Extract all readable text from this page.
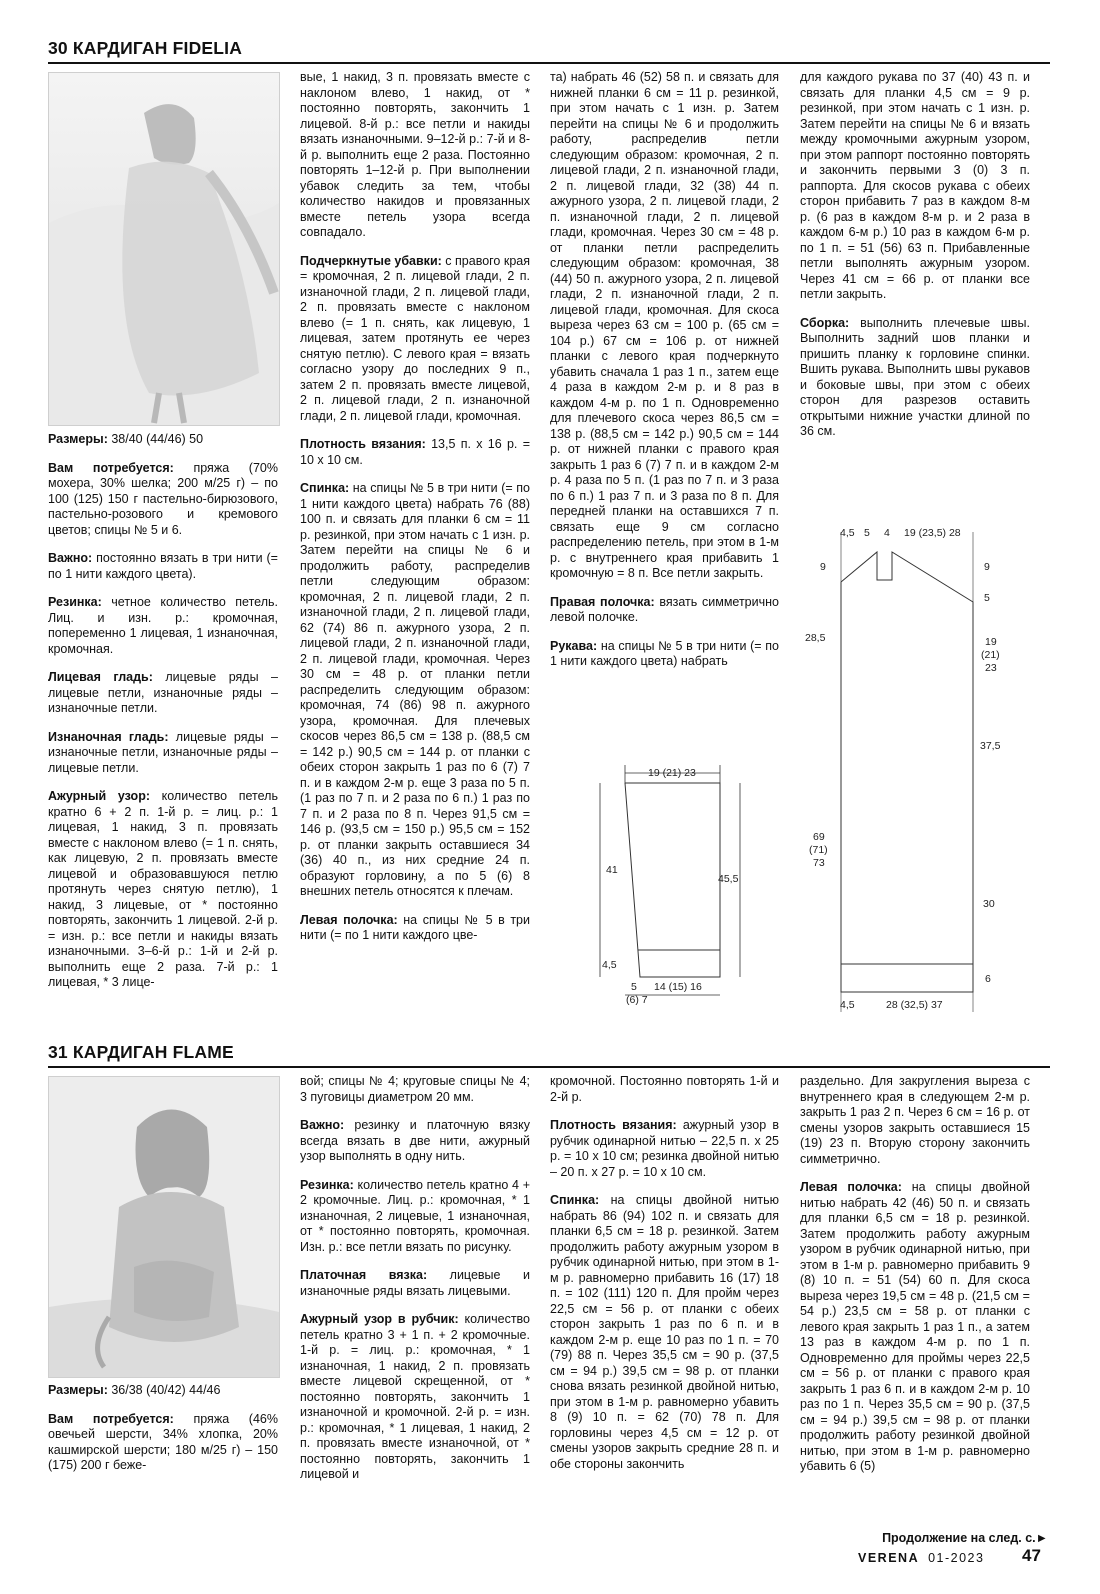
30 КАРДИГАН FIDELIA

Размеры: 38/40 (44/46) 50

Вам потребуется: пряжа (70% мохера, 30% шелка; 200 м/25 г) – по 100 (125) 150 г пастельно-бирюзового, пастельно-розового и кремового цветов; спицы № 5 и 6.

Важно: постоянно вязать в три нити (= по 1 нити каждого цвета).

Резинка: четное количество петель. Лиц. и изн. р.: кромочная, попеременно 1 лицевая, 1 изнаночная, кромочная.

Лицевая гладь: лицевые ряды – лицевые петли, изнаночные ряды – изнаночные петли.

Изнаночная гладь: лицевые ряды – изнаночные петли, изнаночные ряды – лицевые петли.

Ажурный узор: количество петель кратно 6 + 2 п. 1-й р. = лиц. р.: 1 лицевая, 1 накид, 3 п. провязать вместе с наклоном влево (= 1 п. снять, как лицевую, 2 п. провязать вместе лицевой и образовавшуюся петлю протянуть через снятую петлю), 1 накид, 3 лицевые, от * постоянно повторять, закончить 1 лицевой. 2-й р. = изн. р.: все петли и накиды вязать изнаночными. 3–6-й р.: 1-й и 2-й р. выполнить еще 2 раза. 7-й р.: 1 лицевая, * 3 лице-

вые, 1 накид, 3 п. провязать вместе с наклоном влево, 1 накид, от * постоянно повторять, закончить 1 лицевой. 8-й р.: все петли и накиды вязать изнаночными. 9–12-й р.: 7-й и 8-й р. выполнить еще 2 раза. Постоянно повторять 1–12-й р. При выполнении убавок следить за тем, чтобы количество накидов и провязанных вместе петель узора всегда совпадало.

Подчеркнутые убавки: с правого края = кромочная, 2 п. лицевой глади, 2 п. изнаночной глади, 2 п. лицевой глади, 2 п. провязать вместе с наклоном влево (= 1 п. снять, как лицевую, 1 лицевая, затем протянуть ее через снятую петлю). С левого края = вязать согласно узору до последних 9 п., затем 2 п. провязать вместе лицевой, 2 п. лицевой глади, 2 п. изнаночной глади, 2 п. лицевой глади, кромочная.

Плотность вязания: 13,5 п. х 16 р. = 10 х 10 см.

Спинка: на спицы № 5 в три нити (= по 1 нити каждого цвета) набрать 76 (88) 100 п. и связать для планки 6 см = 11 р. резинкой, при этом начать с 1 изн. р. Затем перейти на спицы № 6 и продолжить работу, распределив петли следующим образом: кромочная, 2 п. лицевой глади, 2 п. изнаночной глади, 2 п. лицевой глади, 62 (74) 86 п. ажурного узора, 2 п. лицевой глади, 2 п. изнаночной глади, 2 п. лицевой глади, кромочная. Через 30 см = 48 р. от планки петли распределить следующим образом: кромочная, 74 (86) 98 п. ажурного узора, кромочная. Для плечевых скосов через 86,5 см = 138 р. (88,5 см = 142 р.) 90,5 см = 144 р. от планки с обеих сторон закрыть 1 раз по 6 (7) 7 п. и в каждом 2-м р. еще 3 раза по 5 п. (1 раз по 7 п. и 2 раза по 6 п.) 1 раз по 7 п. и 2 раза по 8 п. Через 91,5 см = 146 р. (93,5 см = 150 р.) 95,5 см = 152 р. от планки закрыть оставшиеся 34 (36) 40 п., из них средние 24 п. образуют горловину, а по 5 (6) 8 внешних петель относятся к плечам.

Левая полочка: на спицы № 5 в три нити (= по 1 нити каждого цве-

та) набрать 46 (52) 58 п. и связать для нижней планки 6 см = 11 р. резинкой, при этом начать с 1 изн. р. Затем перейти на спицы № 6 и продолжить работу, распределив петли следующим образом: кромочная, 2 п. лицевой глади, 2 п. изнаночной глади, 2 п. лицевой глади, 32 (38) 44 п. ажурного узора, 2 п. лицевой глади, 2 п. изнаночной глади, 2 п. лицевой глади, кромочная. Через 30 см = 48 р. от планки петли распределить следующим образом: кромочная, 38 (44) 50 п. ажурного узора, 2 п. лицевой глади, 2 п. изнаночной глади, 2 п. лицевой глади, кромочная. Для скоса выреза через 63 см = 100 р. (65 см = 104 р.) 67 см = 106 р. от нижней планки с левого края подчеркнуто убавить сначала 1 раз 1 п., затем еще 4 раза в каждом 2-м р. и 8 раз в каждом 4-м р. по 1 п. Одновременно для плечевого скоса через 86,5 см = 138 р. (88,5 см = 142 р.) 90,5 см = 144 р. от нижней планки с правого края закрыть 1 раз 6 (7) 7 п. и в каждом 2-м р. 4 раза по 5 п. (1 раз по 7 п. и 3 раза по 6 п.) 1 раз 7 п. и 3 раза по 8 п. Для передней планки на оставшихся 7 п. связать еще 9 см согласно распределению петель, при этом в 1-м р. с внутреннего края прибавить 1 кромочную = 8 п. Все петли закрыть.

Правая полочка: вязать симметрично левой полочке.

Рукава: на спицы № 5 в три нити (= по 1 нити каждого цвета) набрать

для каждого рукава по 37 (40) 43 п. и связать для планки 4,5 см = 9 р. резинкой, при этом начать с 1 изн. р. Затем перейти на спицы № 6 и вязать между кромочными ажурным узором, при этом раппорт постоянно повторять и закончить первыми 3 (0) 3 п. раппорта. Для скосов рукава с обеих сторон прибавить 7 раз в каждом 8-м р. (6 раз в каждом 8-м р. и 2 раза в каждом 6-м р.) 10 раз в каждом 6-м р. по 1 п. = 51 (56) 63 п. Прибавленные петли выполнять ажурным узором. Через 41 см = 66 р. от планки все петли закрыть.

Сборка: выполнить плечевые швы. Выполнить задний шов планки и пришить планку к горловине спинки. Вшить рукава. Выполнить швы рукавов и боковые швы, при этом с обеих сторон для разрезов оставить открытыми нижние участки длиной по 36 см.

19 (21) 23
41
45,5
4,5
5
(6) 7
14 (15) 16
4,5 5 4 19 (23,5) 28
9
28,5
69
(71)
73
9
5
19
(21)
23
37,5
30
6
4,5	28 (32,5) 37
31 КАРДИГАН FLAME

Размеры: 36/38 (40/42) 44/46

Вам потребуется: пряжа (46% овечьей шерсти, 34% хлопка, 20% кашмирской шерсти; 180 м/25 г) – 150 (175) 200 г беже-

вой; спицы № 4; круговые спицы № 4; 3 пуговицы диаметром 20 мм.

Важно: резинку и платочную вязку всегда вязать в две нити, ажурный узор выполнять в одну нить.

Резинка: количество петель кратно 4 + 2 кромочные. Лиц. р.: кромочная, * 1 изнаночная, 2 лицевые, 1 изнаночная, от * постоянно повторять, кромочная. Изн. р.: все петли вязать по рисунку.

Платочная вязка: лицевые и изнаночные ряды вязать лицевыми.

Ажурный узор в рубчик: количество петель кратно 3 + 1 п. + 2 кромочные. 1-й р. = лиц. р.: кромочная, * 1 изнаночная, 1 накид, 2 п. провязать вместе лицевой скрещенной, от * постоянно повторять, закончить 1 изнаночной и кромочной. 2-й р. = изн. р.: кромочная, * 1 лицевая, 1 накид, 2 п. провязать вместе изнаночной, от * постоянно повторять, закончить 1 лицевой и

кромочной. Постоянно повторять 1-й и 2-й р.

Плотность вязания: ажурный узор в рубчик одинарной нитью – 22,5 п. х 25 р. = 10 х 10 см; резинка двойной нитью – 20 п. х 27 р. = 10 х 10 см.

Спинка: на спицы двойной нитью набрать 86 (94) 102 п. и связать для планки 6,5 см = 18 р. резинкой. Затем продолжить работу ажурным узором в рубчик одинарной нитью, при этом в 1-м р. равномерно прибавить 16 (17) 18 п. = 102 (111) 120 п. Для пройм через 22,5 см = 56 р. от планки с обеих сторон закрыть 1 раз по 6 п. и в каждом 2-м р. еще 10 раз по 1 п. = 70 (79) 88 п. Через 35,5 см = 90 р. (37,5 см = 94 р.) 39,5 см = 98 р. от планки снова вязать резинкой двойной нитью, при этом в 1-м р. равномерно убавить 8 (9) 10 п. = 62 (70) 78 п. Для горловины через 4,5 см = 12 р. от смены узоров закрыть средние 28 п. и обе стороны закончить

раздельно. Для закругления выреза с внутреннего края в следующем 2-м р. закрыть 1 раз 2 п. Через 6 см = 16 р. от смены узоров закрыть оставшиеся 15 (19) 23 п. Вторую сторону закончить симметрично.

Левая полочка: на спицы двойной нитью набрать 42 (46) 50 п. и связать для планки 6,5 см = 18 р. резинкой. Затем продолжить работу ажурным узором в рубчик одинарной нитью, при этом в 1-м р. равномерно прибавить 9 (8) 10 п. = 51 (54) 60 п. Для скоса выреза через 19,5 см = 48 р. (21,5 см = 54 р.) 23,5 см = 58 р. от планки с левого края закрыть 1 раз 1 п., а затем 13 раз в каждом 4-м р. по 1 п. Одновременно для проймы через 22,5 см = 56 р. от планки с правого края закрыть 1 раз 6 п. и в каждом 2-м р. 10 раз по 1 п. Через 35,5 см = 90 р. (37,5 см = 94 р.) 39,5 см = 98 р. от планки продолжить работу резинкой двойной нитью, при этом в 1-м р. равномерно убавить 6 (5)

Продолжение на след. с.►
VERENA 01-2023 47
